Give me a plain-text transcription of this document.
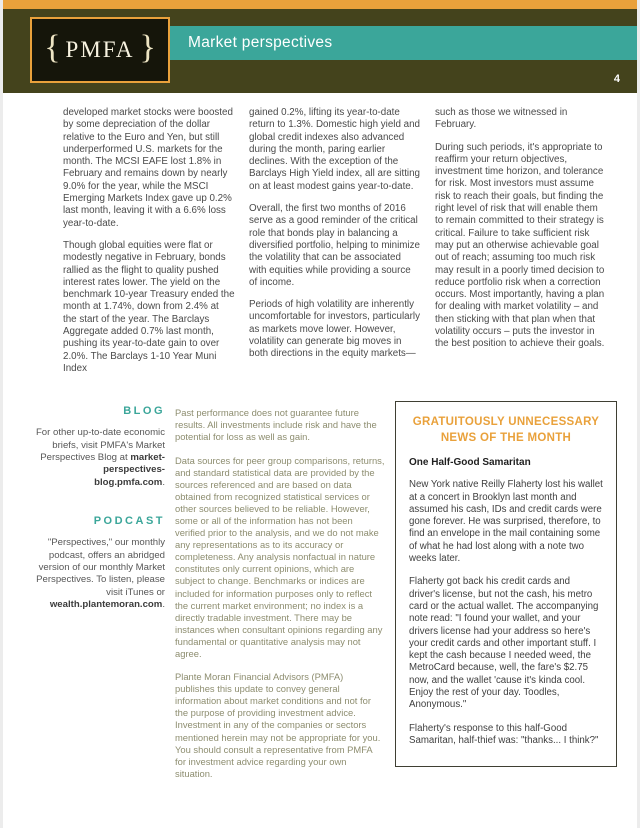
{ PMFA } Market perspectives
4

developed market stocks were boosted by some depreciation of the dollar relative to the Euro and Yen, but still underperformed U.S. markets for the month. The MCSI EAFE lost 1.8% in February and remains down by nearly 9.0% for the year, while the MSCI Emerging Markets Index gave up 0.2% last month, leaving it with a 6.6% loss year-to-date.

Though global equities were flat or modestly negative in February, bonds rallied as the flight to quality pushed interest rates lower. The yield on the benchmark 10-year Treasury ended the month at 1.74%, down from 2.4% at the start of the year. The Barclays Aggregate added 0.7% last month, pushing its year-to-date gain to over 2.0%. The Barclays 1-10 Year Muni Index

gained 0.2%, lifting its year-to-date return to 1.3%. Domestic high yield and global credit indexes also advanced during the month, paring earlier declines. With the exception of the Barclays High Yield index, all are sitting on at least modest gains year-to-date.

Overall, the first two months of 2016 serve as a good reminder of the critical role that bonds play in balancing a diversified portfolio, helping to minimize the volatility that can be associated with equities while providing a source of income.

Periods of high volatility are inherently uncomfortable for investors, particularly as markets move lower. However, volatility can generate big moves in both directions in the equity markets—

such as those we witnessed in February.

During such periods, it's appropriate to reaffirm your return objectives, investment time horizon, and tolerance for risk. Most investors must assume risk to reach their goals, but finding the right level of risk that will enable them to remain committed to their strategy is critical. Failure to take sufficient risk may put an otherwise achievable goal out of reach; assuming too much risk may result in a poorly timed decision to reduce portfolio risk when a correction occurs. Most importantly, having a plan for dealing with market volatility – and then sticking with that plan when that volatility occurs – puts the investor in the best position to achieve their goals.

BLOG

For other up-to-date economic briefs, visit PMFA's Market Perspectives Blog at market-perspectives-blog.pmfa.com.

PODCAST

"Perspectives," our monthly podcast, offers an abridged version of our monthly Market Perspectives. To listen, please visit iTunes or wealth.plantemoran.com.

Past performance does not guarantee future results. All investments include risk and have the potential for loss as well as gain.

Data sources for peer group comparisons, returns, and standard statistical data are provided by the sources referenced and are based on data obtained from recognized statistical services or other sources believed to be reliable. However, some or all of the information has not been verified prior to the analysis, and we do not make any representations as to its accuracy or completeness. Any analysis nonfactual in nature constitutes only current opinions, which are subject to change. Benchmarks or indices are included for information purposes only to reflect the current market environment; no index is a directly tradable investment. There may be instances when consultant opinions regarding any fundamental or quantitative analysis may not agree.

Plante Moran Financial Advisors (PMFA) publishes this update to convey general information about market conditions and not for the purpose of providing investment advice. Investment in any of the companies or sectors mentioned herein may not be appropriate for you. You should consult a representative from PMFA for investment advice regarding your own situation.

GRATUITOUSLY UNNECESSARY NEWS OF THE MONTH
One Half-Good Samaritan

New York native Reilly Flaherty lost his wallet at a concert in Brooklyn last month and assumed his cash, IDs and credit cards were gone forever. He was surprised, therefore, to find an envelope in the mail containing some of what he had lost along with a note two weeks later.

Flaherty got back his credit cards and driver's license, but not the cash, his metro card or the actual wallet. The accompanying note read: "I found your wallet, and your drivers license had your address so here's your credit cards and other important stuff. I kept the cash because I needed weed, the MetroCard because, well, the fare's $2.75 now, and the wallet 'cause it's kinda cool. Enjoy the rest of your day. Toodles, Anonymous."

Flaherty's response to this half-Good Samaritan, half-thief was: "thanks... I think?"
